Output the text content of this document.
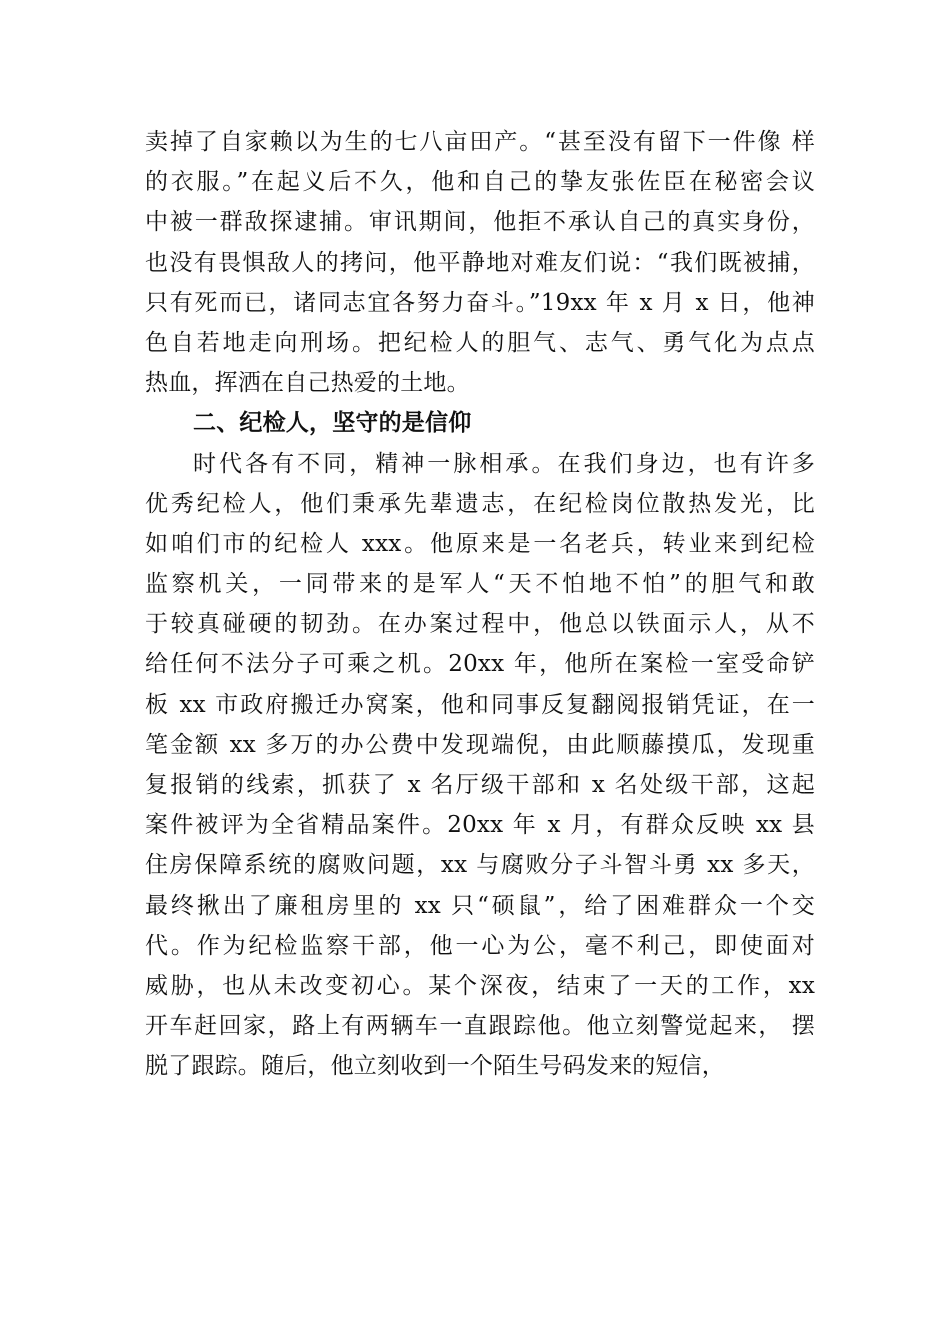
卖掉了自家赖以为生的七八亩田产。“甚至没有留下一件像 样
的衣服。”在起义后不久，他和自己的挚友张佐臣在秘密会议
中被一群敌探逮捕。审讯期间，他拒不承认自己的真实身份，
也没有畏惧敌人的拷问，他平静地对难友们说：“我们既被捕，
只有死而已，诸同志宜各努力奋斗。”19xx 年 x 月 x 日，他神
色自若地走向刑场。把纪检人的胆气、志气、勇气化为点点
热血，挥洒在自己热爱的土地。
二、纪检人，坚守的是信仰
时代各有不同，精神一脉相承。在我们身边，也有许多
优秀纪检人，他们秉承先辈遗志，在纪检岗位散热发光，比
如咱们市的纪检人 xxx。他原来是一名老兵，转业来到纪检
监察机关，一同带来的是军人“天不怕地不怕”的胆气和敢
于较真碰硬的韧劲。在办案过程中，他总以铁面示人，从不
给任何不法分子可乘之机。20xx 年，他所在案检一室受命铲
板 xx 市政府搬迁办窝案，他和同事反复翻阅报销凭证，在一
笔金额 xx 多万的办公费中发现端倪，由此顺藤摸瓜，发现重
复报销的线索，抓获了 x 名厅级干部和 x 名处级干部，这起
案件被评为全省精品案件。20xx 年 x 月，有群众反映 xx 县
住房保障系统的腐败问题，xx 与腐败分子斗智斗勇 xx 多天，
最终揪出了廉租房里的 xx 只“硕鼠”，给了困难群众一个交
代。作为纪检监察干部，他一心为公，毫不利己，即使面对
威胁，也从未改变初心。某个深夜，结束了一天的工作，xx
开车赶回家，路上有两辆车一直跟踪他。他立刻警觉起来， 摆
脱了跟踪。随后，他立刻收到一个陌生号码发来的短信，
